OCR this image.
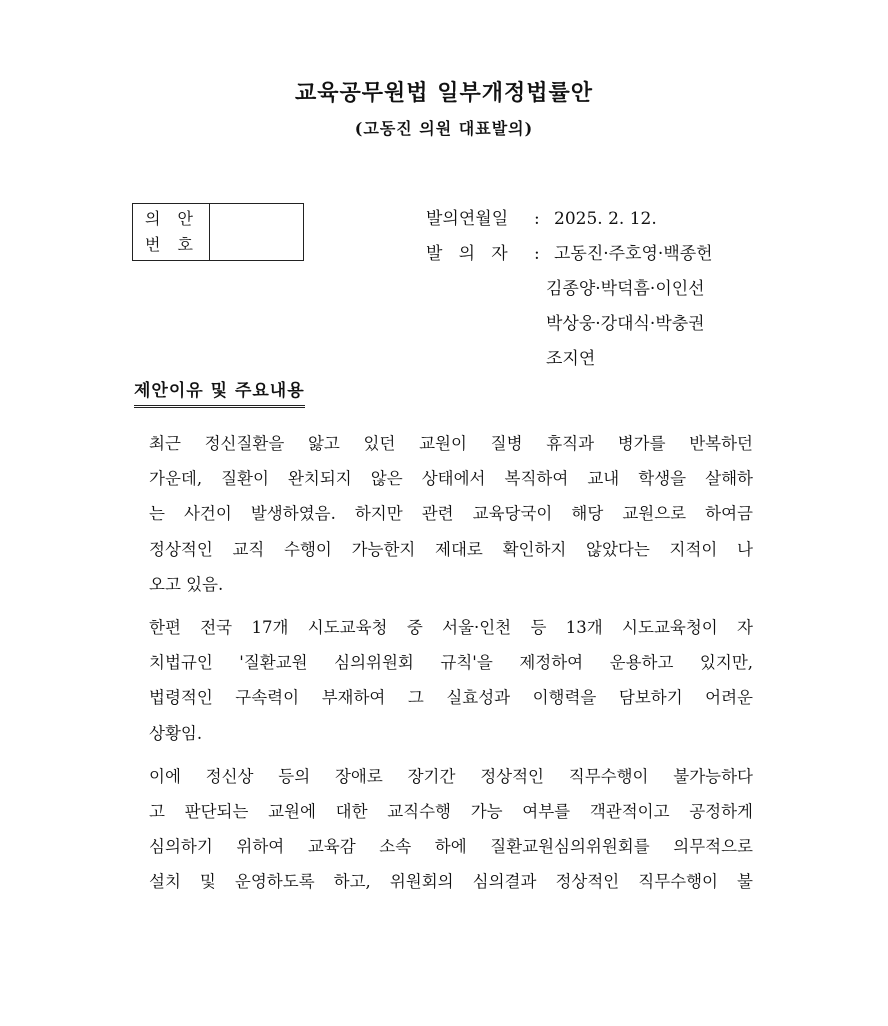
교육공무원법 일부개정법률안
(고동진 의원 대표발의)
의 안
번 호
발의연월일	: 2025. 2. 12.
발   의   자	: 고동진·주호영·백종헌
김종양·박덕흠·이인선
박상웅·강대식·박충권
조지연
제안이유 및 주요내용
최근 정신질환을 앓고 있던 교원이 질병 휴직과 병가를 반복하던
가운데, 질환이 완치되지 않은 상태에서 복직하여 교내 학생을 살해하
는 사건이 발생하였음. 하지만 관련 교육당국이 해당 교원으로 하여금
정상적인 교직 수행이 가능한지 제대로 확인하지 않았다는 지적이 나
오고 있음.
한편 전국 17개 시도교육청 중 서울·인천 등 13개 시도교육청이 자
치법규인 '질환교원 심의위원회 규칙'을 제정하여 운용하고 있지만,
법령적인 구속력이 부재하여 그 실효성과 이행력을 담보하기 어려운
상황임.
이에 정신상 등의 장애로 장기간 정상적인 직무수행이 불가능하다
고 판단되는 교원에 대한 교직수행 가능 여부를 객관적이고 공정하게
심의하기 위하여 교육감 소속 하에 질환교원심의위원회를 의무적으로
설치 및 운영하도록 하고, 위원회의 심의결과 정상적인 직무수행이 불
